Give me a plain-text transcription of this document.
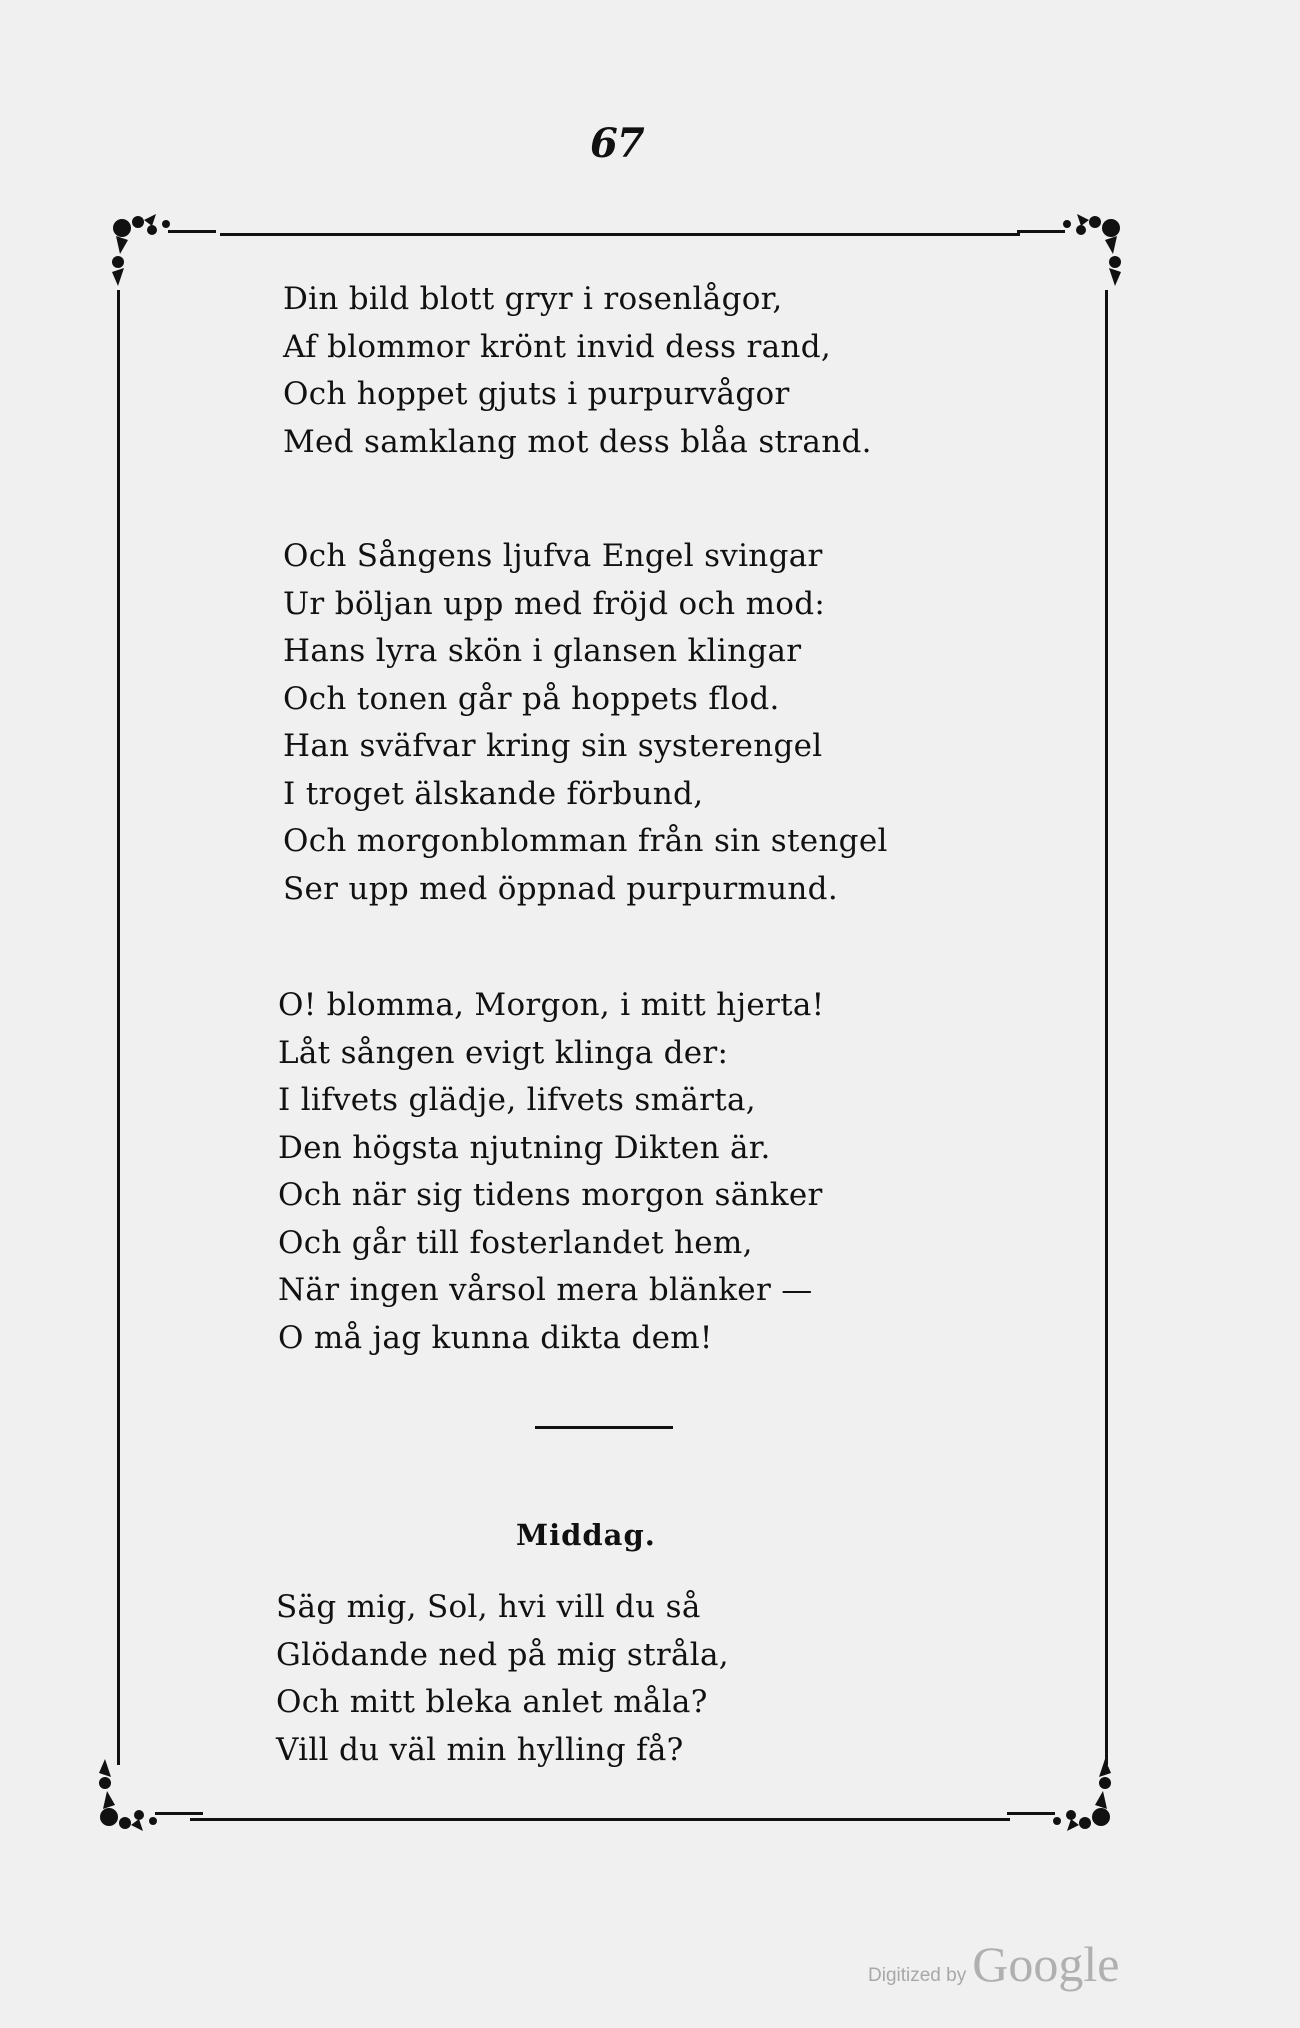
67
Din bild blott gryr i rosenlågor,
Af blommor krönt invid dess rand,
Och hoppet gjuts i purpurvågor
Med samklang mot dess blåa strand.
Och Sångens ljufva Engel svingar
Ur böljan upp med fröjd och mod:
Hans lyra skön i glansen klingar
Och tonen går på hoppets flod.
Han sväfvar kring sin systerengel
I troget älskande förbund,
Och morgonblomman från sin stengel
Ser upp med öppnad purpurmund.
O! blomma, Morgon, i mitt hjerta!
Låt sången evigt klinga der:
I lifvets glädje, lifvets smärta,
Den högsta njutning Dikten är.
Och när sig tidens morgon sänker
Och går till fosterlandet hem,
När ingen vårsol mera blänker —
O må jag kunna dikta dem!
Middag.
Säg mig, Sol, hvi vill du så
Glödande ned på mig stråla,
Och mitt bleka anlet måla?
Vill du väl min hylling få?
Digitized by Google
